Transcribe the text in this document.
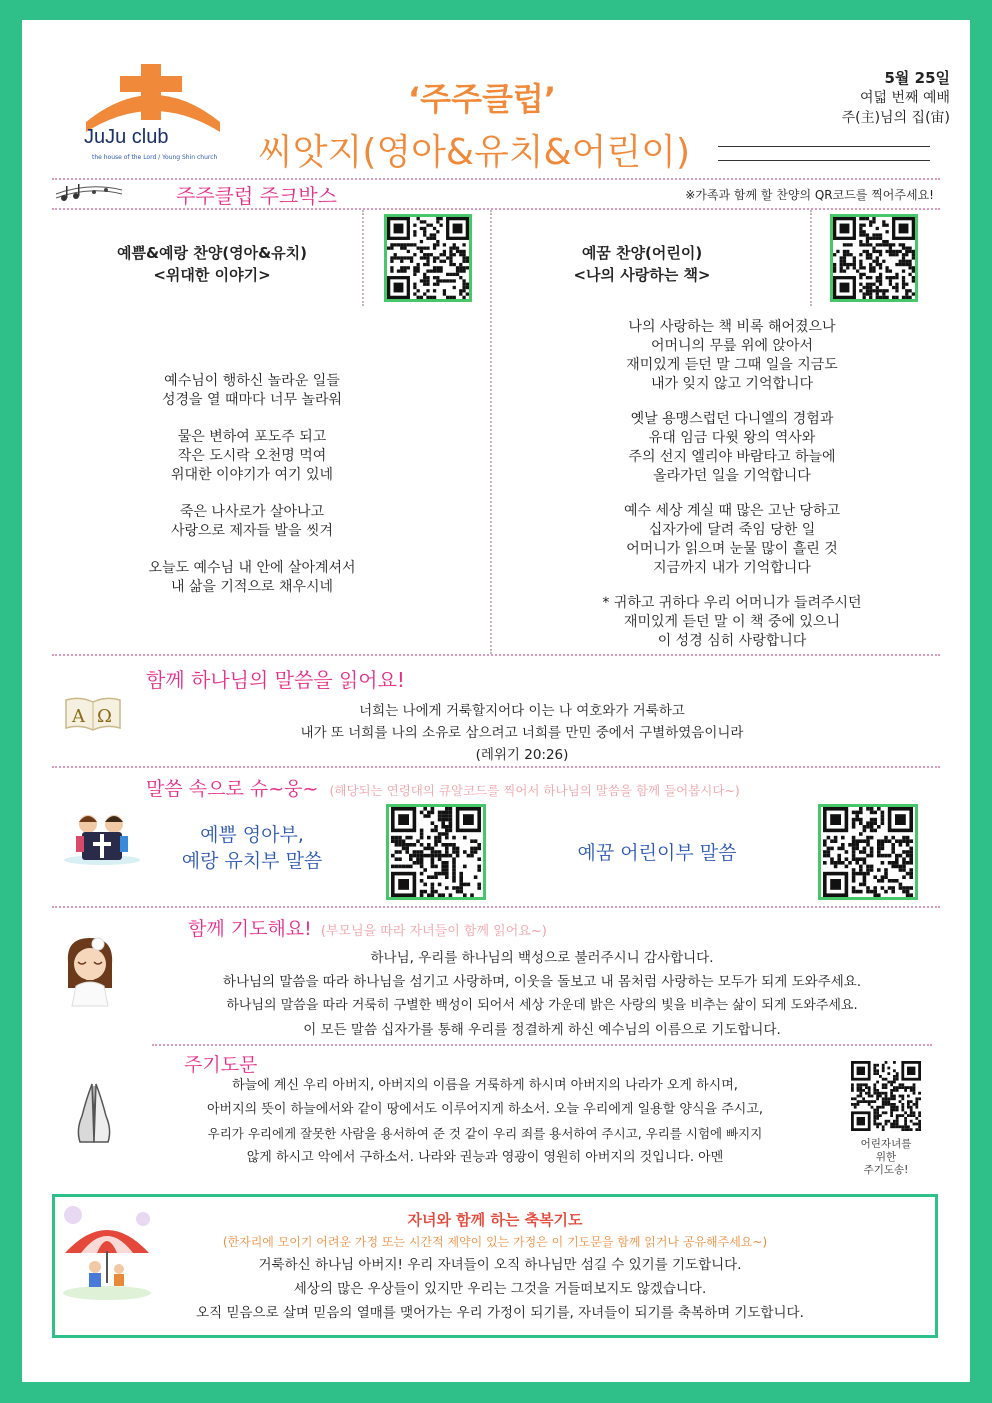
JuJu club
the house of the Lord / Young Shin church
‘주주클럽’
씨앗지(영아&유치&어린이)
5월 25일
여덟 번째 예배
주(主)님의 집(宙)
주주클럽 주크박스	※가족과 함께 할 찬양의 QR코드를 찍어주세요!
예쁨&예랑 찬양(영아&유치)
<위대한 이야기>
예수님이 행하신 놀라운 일들
성경을 열 때마다 너무 놀라워
물은 변하여 포도주 되고
작은 도시락 오천명 먹여
위대한 이야기가 여기 있네
죽은 나사로가 살아나고
사랑으로 제자들 발을 씻겨
오늘도 예수님 내 안에 살아계셔서
내 삶을 기적으로 채우시네
예꿈 찬양(어린이)
<나의 사랑하는 책>
나의 사랑하는 책 비록 해어졌으나
어머니의 무릎 위에 앉아서
재미있게 듣던 말 그때 일을 지금도
내가 잊지 않고 기억합니다
옛날 용맹스럽던 다니엘의 경험과
유대 임금 다윗 왕의 역사와
주의 선지 엘리야 바람타고 하늘에
올라가던 일을 기억합니다
예수 세상 계실 때 많은 고난 당하고
십자가에 달려 죽임 당한 일
어머니가 읽으며 눈물 많이 흘린 것
지금까지 내가 기억합니다
* 귀하고 귀하다 우리 어머니가 들려주시던
재미있게 듣던 말 이 책 중에 있으니
이 성경 심히 사랑합니다
함께 하나님의 말씀을 읽어요!
A Ω	너희는 나에게 거룩할지어다 이는 나 여호와가 거룩하고
내가 또 너희를 나의 소유로 삼으려고 너희를 만민 중에서 구별하였음이니라
(레위기 20:26)
말씀 속으로 슈~웅~ (해당되는 연령대의 큐알코드를 찍어서 하나님의 말씀을 함께 들어봅시다~)
예쁨 영아부,
예랑 유치부 말씀	예꿈 어린이부 말씀
함께 기도해요! (부모님을 따라 자녀들이 함께 읽어요~)
하나님, 우리를 하나님의 백성으로 불러주시니 감사합니다.
하나님의 말씀을 따라 하나님을 섬기고 사랑하며, 이웃을 돌보고 내 몸처럼 사랑하는 모두가 되게 도와주세요.
하나님의 말씀을 따라 거룩히 구별한 백성이 되어서 세상 가운데 밝은 사랑의 빛을 비추는 삶이 되게 도와주세요.
이 모든 말씀 십자가를 통해 우리를 정결하게 하신 예수님의 이름으로 기도합니다.
주기도문
하늘에 계신 우리 아버지, 아버지의 이름을 거룩하게 하시며 아버지의 나라가 오게 하시며,
아버지의 뜻이 하늘에서와 같이 땅에서도 이루어지게 하소서. 오늘 우리에게 일용할 양식을 주시고,
우리가 우리에게 잘못한 사람을 용서하여 준 것 같이 우리 죄를 용서하여 주시고, 우리를 시험에 빠지지
않게 하시고 악에서 구하소서. 나라와 권능과 영광이 영원히 아버지의 것입니다. 아멘
어린자녀를
위한
주기도송!
자녀와 함께 하는 축복기도
(한자리에 모이기 어려운 가정 또는 시간적 제약이 있는 가정은 이 기도문을 함께 읽거나 공유해주세요~)
거룩하신 하나님 아버지! 우리 자녀들이 오직 하나님만 섬길 수 있기를 기도합니다.
세상의 많은 우상들이 있지만 우리는 그것을 거들떠보지도 않겠습니다.
오직 믿음으로 살며 믿음의 열매를 맺어가는 우리 가정이 되기를, 자녀들이 되기를 축복하며 기도합니다.
